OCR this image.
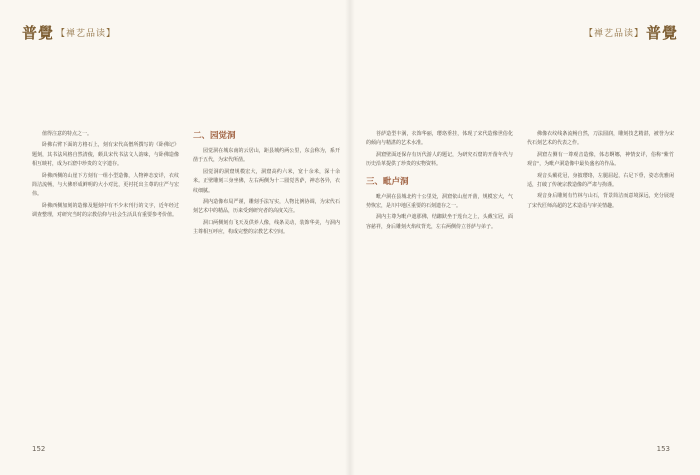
普覺 【禅艺品读】

值得注意的特点之一。

卧佛右臂下面的方格石上，刻有宋代高僧所撰写的《卧佛记》题刻，其书法风格自然清俊，颇具宋代书法文人韵味，与卧佛造像相互映衬，成为石窟中珍贵的文字遗存。

卧佛西侧的山崖下方刻有一组小型造像，人物神态安详，衣纹简洁流畅，与大佛形成鲜明的大小对比，更衬托出主尊的庄严与宏伟。

卧佛西侧加刻的造像及题刻中有不少未刊行的文字，近年经过调查整理，对研究当时的宗教信仰与社会生活具有重要参考价值。

二、园觉洞

园觉洞在城东南的云居山，距县城约两公里，东会称为，系开凿于五代，为宋代所凿。

园觉洞的洞窟规模宏大，洞窟高约六米，宽十余米，深十余米。正壁雕刻三身坐佛，左右两侧为十二圆觉菩萨，神态各异，衣纹细腻。

洞内造像布局严谨，雕刻手法写实，人物比例协调，为宋代石刻艺术中的精品，历来受到研究者的高度关注。

洞口两侧刻有飞天及供养人像，线条灵动，装饰华美，与洞内主尊相互呼应，构成完整的宗教艺术空间。

152
【禅艺品读】 普覺

菩萨造型丰满，衣饰华丽，璎珞垂挂，体现了宋代造像世俗化的倾向与精湛的艺术水准。

洞窟壁面还保存有历代游人的题记，为研究石窟的开凿年代与历史沿革提供了珍贵的实物资料。

三、毗卢洞

毗卢洞在县城北约十公里处，洞窟依山崖开凿，规模宏大，气势恢宏，是川中地区重要的石刻遗存之一。

洞内主尊为毗卢遮那佛，结跏趺坐于莲台之上，头戴宝冠，面容慈祥，身后雕刻火焰纹背光，左右两侧侍立菩萨与弟子。

佛像衣纹线条流畅自然，刀法圆润，雕刻技艺精湛，被誉为宋代石刻艺术的代表之作。

洞窟左侧有一尊观音造像，体态婀娜，神情安详，俗称"紫竹观音"，为毗卢洞造像中最负盛名的作品。

观音头戴花冠，身披璎珞，左腿屈起，右足下垂，姿态优雅闲适，打破了传统宗教造像的严肃与拘谨。

观音身后雕刻有竹林与山石，背景简洁而意境深远，充分展现了宋代匠师高超的艺术造诣与审美情趣。

153
